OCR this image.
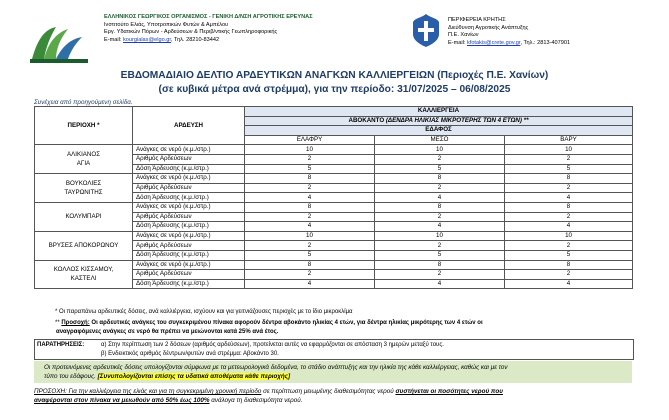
ΕΛΛΗΝΙΚΟΣ ΓΕΩΡΓΙΚΟΣ ΟΡΓΑΝΙΣΜΟΣ - ΓΕΝΙΚΗ Δ/ΝΣΗ ΑΓΡΟΤΙΚΗΣ ΕΡΕΥΝΑΣ
Ινστιτούτο Ελιάς, Υποτροπικών Φυτών & Αμπέλου
Εργ. Υδατικών Πόρων - Αρδεύσεων & Περιβ/ντικής Γεωπληροφορικής
E-mail: kourgialas@elgo.gr, Τηλ. 28210-83442
ΠΕΡΙΦΕΡΕΙΑ ΚΡΗΤΗΣ
Διεύθυνση Αγροτικής Ανάπτυξης
Π.Ε. Χανίων
E-mail: kfotakis@crete.gov.gr, Τηλ.: 2813-407901
ΕΒΔΟΜΑΔΙΑΙΟ ΔΕΛΤΙΟ ΑΡΔΕΥΤΙΚΩΝ ΑΝΑΓΚΩΝ ΚΑΛΛΙΕΡΓΕΙΩΝ (Περιοχές Π.Ε. Χανίων)
(σε κυβικά μέτρα ανά στρέμμα), για την περίοδο: 31/07/2025 – 06/08/2025
Συνέχεια από προηγούμενη σελίδα.
ΠΕΡΙΟΧΗ *	ΑΡΔΕΥΣΗ	ΚΑΛΛΙΕΡΓΕΙΑ		
		ΑΒΟΚΑΝΤΟ (ΔΕΝΔΡΑ ΗΛΙΚΙΑΣ ΜΙΚΡΟΤΕΡΗΣ ΤΩΝ 4 ΕΤΩΝ) **		
		ΕΔΑΦΟΣ		
		ΕΛΑΦΡΥ	ΜΕΣΟ	ΒΑΡΥ

ΑΛΙΚΙΑΝΟΣ
ΑΓΙΑ	Ανάγκες σε νερό (κ.μ./στρ.)	10	10	10
	Αριθμός Αρδεύσεων	2	2	2
	Δόση Άρδευσης (κ.μ./στρ.)	5	5	5

ΒΟΥΚΟΛΙΕΣ
ΤΑΥΡΩΝΙΤΗΣ	Ανάγκες σε νερό (κ.μ./στρ.)	8	8	8
	Αριθμός Αρδεύσεων	2	2	2
	Δόση Άρδευσης (κ.μ./στρ.)	4	4	4

ΚΟΛΥΜΠΑΡΙ	Ανάγκες σε νερό (κ.μ./στρ.)	8	8	8
	Αριθμός Αρδεύσεων	2	2	2
	Δόση Άρδευσης (κ.μ./στρ.)	4	4	4

ΒΡΥΣΕΣ ΑΠΟΚΟΡΩΝΟΥ	Ανάγκες σε νερό (κ.μ./στρ.)	10	10	10
	Αριθμός Αρδεύσεων	2	2	2
	Δόση Άρδευσης (κ.μ./στρ.)	5	5	5

ΚΟΛΛΟΣ ΚΙΣΣΑΜΟΥ,
ΚΑΣΤΕΛΙ	Ανάγκες σε νερό (κ.μ./στρ.)	8	8	8
	Αριθμός Αρδεύσεων	2	2	2
	Δόση Άρδευσης (κ.μ./στρ.)	4	4	4
* Οι παραπάνω αρδευτικές δόσεις, ανά καλλιέργεια, ισχύουν και για γειτνιάζουσες περιοχές με το ίδιο μικροκλίμα
** Προσοχή: Οι αρδευτικές ανάγκες του συγκεκριμένου πίνακα αφορούν δέντρα αβοκάντο ηλικίας 4 ετών, για δέντρα ηλικίας μικρότερης των 4 ετών οι
αναγραφόμενες ανάγκες σε νερό θα πρέπει να μειώνονται κατά 25% ανά έτος.
ΠΑΡΑΤΗΡΗΣΕΙΣ:	α) Στην περίπτωση των 2 δόσεων (αριθμός αρδεύσεων), προτείνεται αυτές να εφαρμόζονται σε απόσταση 3 ημερών μεταξύ τους.
β) Ενδεικτικός αριθμός δέντρων/φυτών ανά στρέμμα: Αβοκάντο 30.
Οι προτεινόμενες αρδευτικές δόσεις υπολογίζονται σύμφωνα με τα μετεωρολογικά δεδομένα, το στάδιο ανάπτυξης και την ηλικία της κάθε καλλιέργειας, καθώς και με τον
τύπο του εδάφους. [Συνυπολογίζονται επίσης τα υδατικά αποθέματα κάθε περιοχής]
ΠΡΟΣΟΧΗ: Για την καλλιέργεια της ελιάς και για τη συγκεκριμένη χρονική περίοδο σε περίπτωση μειωμένης διαθεσιμότητας νερού συστήνεται οι ποσότητες νερού που
αναφέρονται στον πίνακα να μειωθούν από 50% έως 100% ανάλογα τη διαθεσιμότητα νερού.
